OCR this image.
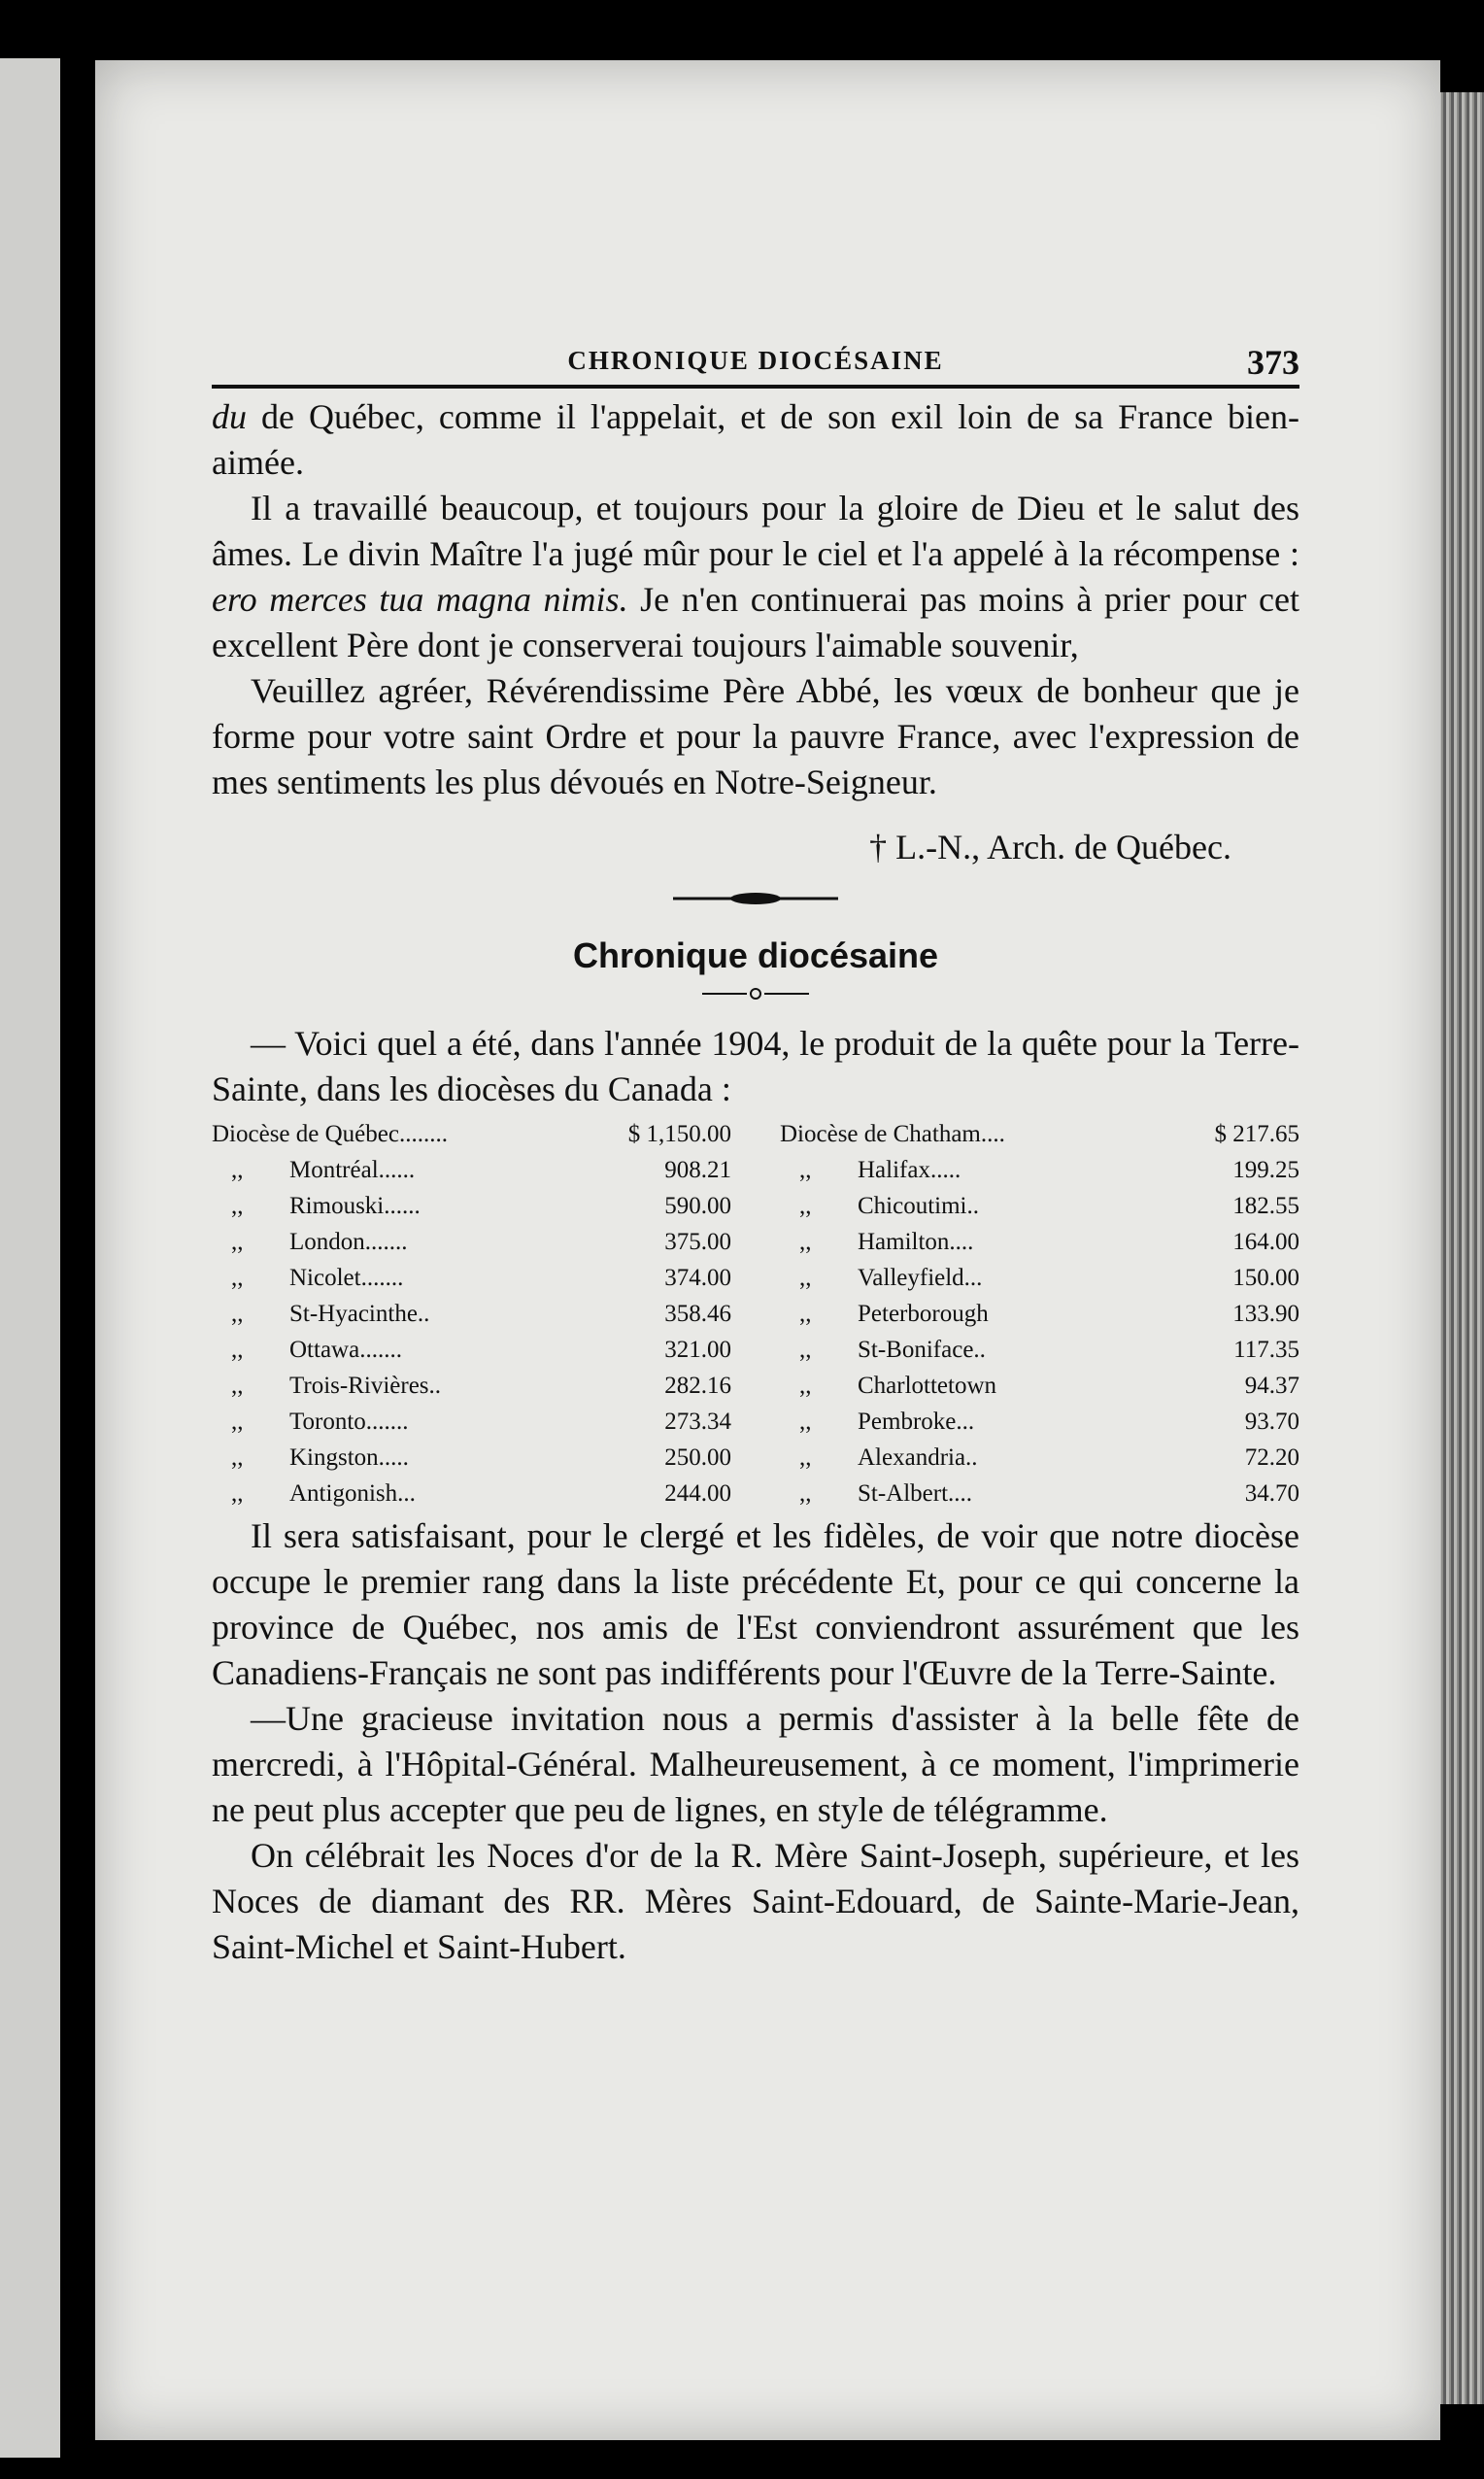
CHRONIQUE DIOCÉSAINE	373

du de Québec, comme il l'appelait, et de son exil loin de sa France bien-aimée.

Il a travaillé beaucoup, et toujours pour la gloire de Dieu et le salut des âmes. Le divin Maître l'a jugé mûr pour le ciel et l'a appelé à la récompense : ero merces tua magna nimis. Je n'en continuerai pas moins à prier pour cet excellent Père dont je conserverai toujours l'aimable souvenir,

Veuillez agréer, Révérendissime Père Abbé, les vœux de bonheur que je forme pour votre saint Ordre et pour la pauvre France, avec l'expression de mes sentiments les plus dévoués en Notre-Seigneur.

† L.-N., Arch. de Québec.
Chronique diocésaine

— Voici quel a été, dans l'année 1904, le produit de la quête pour la Terre-Sainte, dans les diocèses du Canada :

Diocèse de Québec........	$ 1,150.00
,, Montréal......	908.21
,, Rimouski......	590.00
,, London.......	375.00
,, Nicolet.......	374.00
,, St-Hyacinthe..	358.46
,, Ottawa.......	321.00
,, Trois-Rivières..	282.16
,, Toronto.......	273.34
,, Kingston.....	250.00
,, Antigonish...	244.00
Diocèse de Chatham....	$ 217.65
,, Halifax.....	199.25
,, Chicoutimi..	182.55
,, Hamilton....	164.00
,, Valleyfield...	150.00
,, Peterborough	133.90
,, St-Boniface..	117.35
,, Charlottetown	94.37
,, Pembroke...	93.70
,, Alexandria..	72.20
,, St-Albert....	34.70

Il sera satisfaisant, pour le clergé et les fidèles, de voir que notre diocèse occupe le premier rang dans la liste précédente Et, pour ce qui concerne la province de Québec, nos amis de l'Est conviendront assurément que les Canadiens-Français ne sont pas indifférents pour l'Œuvre de la Terre-Sainte.

—Une gracieuse invitation nous a permis d'assister à la belle fête de mercredi, à l'Hôpital-Général. Malheureusement, à ce moment, l'imprimerie ne peut plus accepter que peu de lignes, en style de télégramme.

On célébrait les Noces d'or de la R. Mère Saint-Joseph, supérieure, et les Noces de diamant des RR. Mères Saint-Edouard, de Sainte-Marie-Jean, Saint-Michel et Saint-Hubert.
